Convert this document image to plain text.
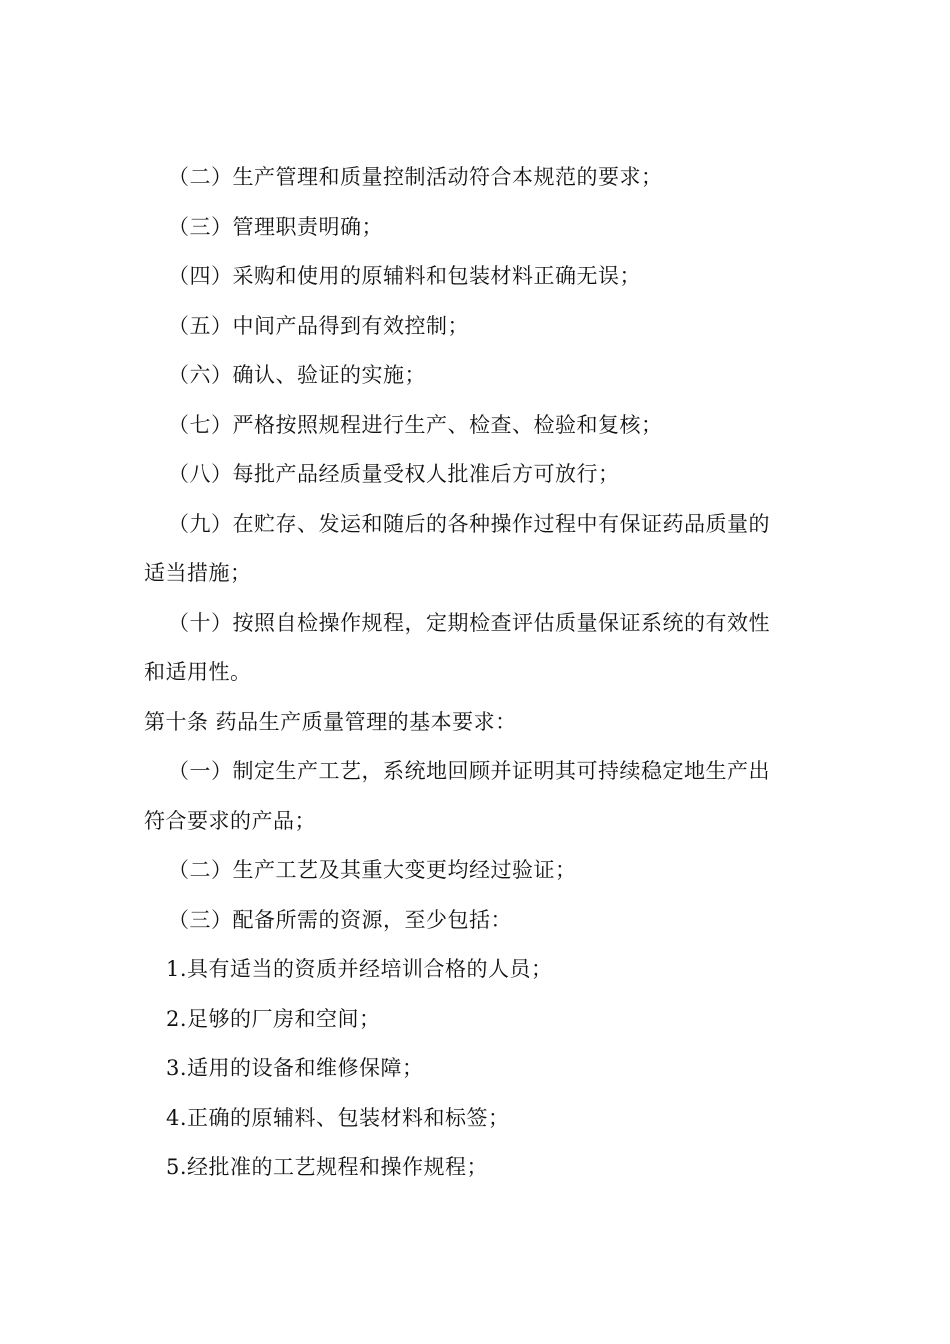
（二）生产管理和质量控制活动符合本规范的要求；
（三）管理职责明确；
（四）采购和使用的原辅料和包装材料正确无误；
（五）中间产品得到有效控制；
（六）确认、验证的实施；
（七）严格按照规程进行生产、检查、检验和复核；
（八）每批产品经质量受权人批准后方可放行；
（九）在贮存、发运和随后的各种操作过程中有保证药品质量的
适当措施；
（十）按照自检操作规程，定期检查评估质量保证系统的有效性
和适用性。
第十条 药品生产质量管理的基本要求：
（一）制定生产工艺，系统地回顾并证明其可持续稳定地生产出
符合要求的产品；
（二）生产工艺及其重大变更均经过验证；
（三）配备所需的资源，至少包括：
1.具有适当的资质并经培训合格的人员；
2.足够的厂房和空间；
3.适用的设备和维修保障；
4.正确的原辅料、包装材料和标签；
5.经批准的工艺规程和操作规程；
